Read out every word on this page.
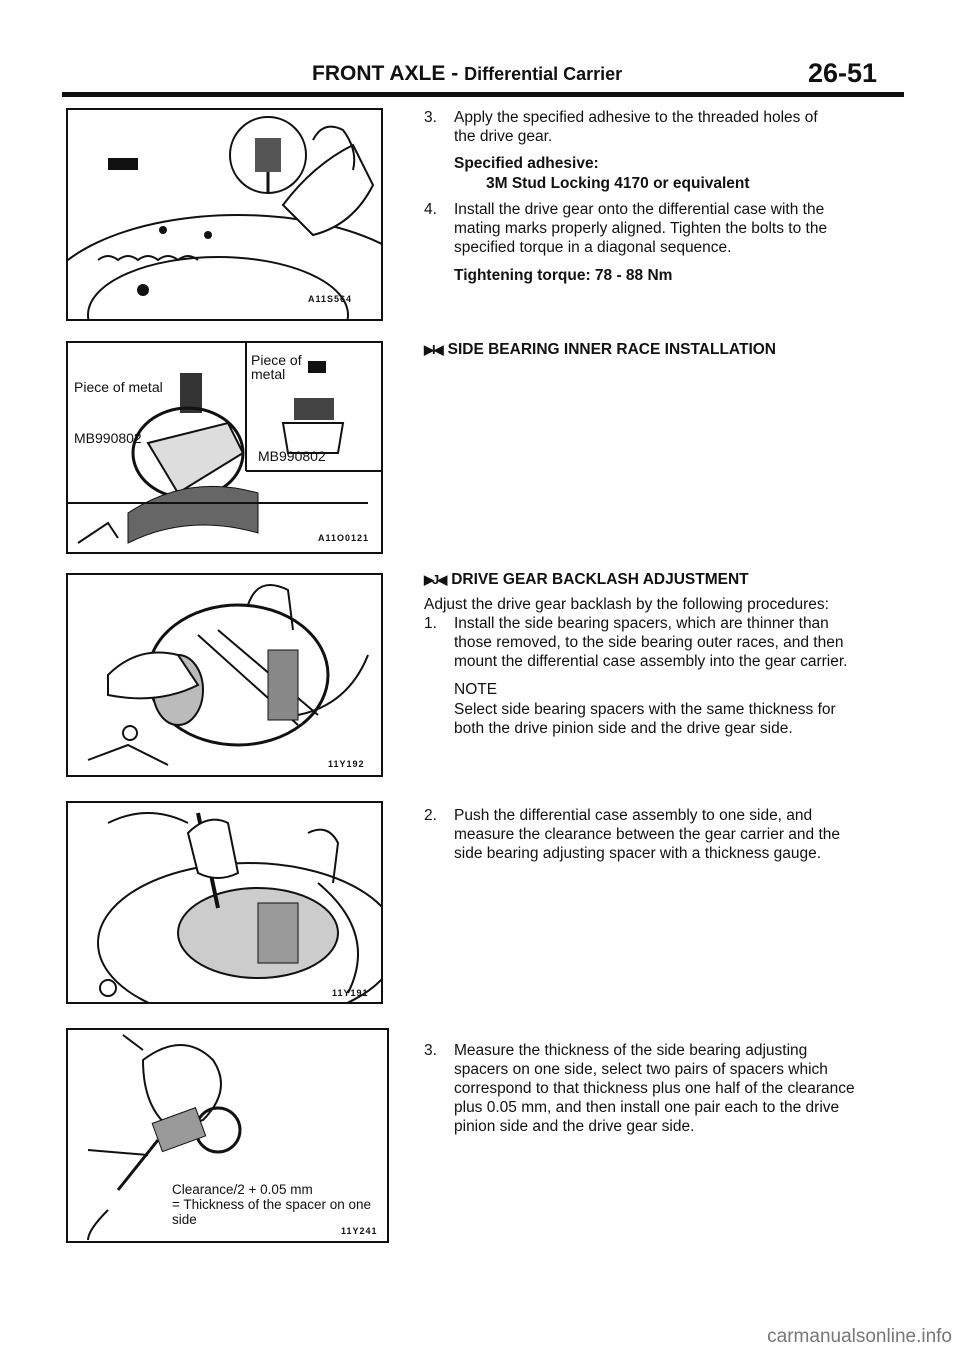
FRONT AXLE - Differential Carrier	26-51
A11S564
Piece of metal
MB990802
Piece of
metal
MB990802
A11O0121
11Y192
11Y191
Clearance/2 + 0.05 mm
= Thickness of the spacer on one
side
11Y241
3. Apply the specified adhesive to the threaded holes of
the drive gear.
Specified adhesive:
3M Stud Locking 4170 or equivalent
4. Install the drive gear onto the differential case with the
mating marks properly aligned. Tighten the bolts to the
specified torque in a diagonal sequence.
Tightening torque: 78 - 88 Nm
▶I◀ SIDE BEARING INNER RACE INSTALLATION
▶J◀ DRIVE GEAR BACKLASH ADJUSTMENT
Adjust the drive gear backlash by the following procedures:
1. Install the side bearing spacers, which are thinner than
those removed, to the side bearing outer races, and then
mount the differential case assembly into the gear carrier.
NOTE
Select side bearing spacers with the same thickness for
both the drive pinion side and the drive gear side.
2. Push the differential case assembly to one side, and
measure the clearance between the gear carrier and the
side bearing adjusting spacer with a thickness gauge.
3. Measure the thickness of the side bearing adjusting
spacers on one side, select two pairs of spacers which
correspond to that thickness plus one half of the clearance
plus 0.05 mm, and then install one pair each to the drive
pinion side and the drive gear side.
carmanualsonline.info
